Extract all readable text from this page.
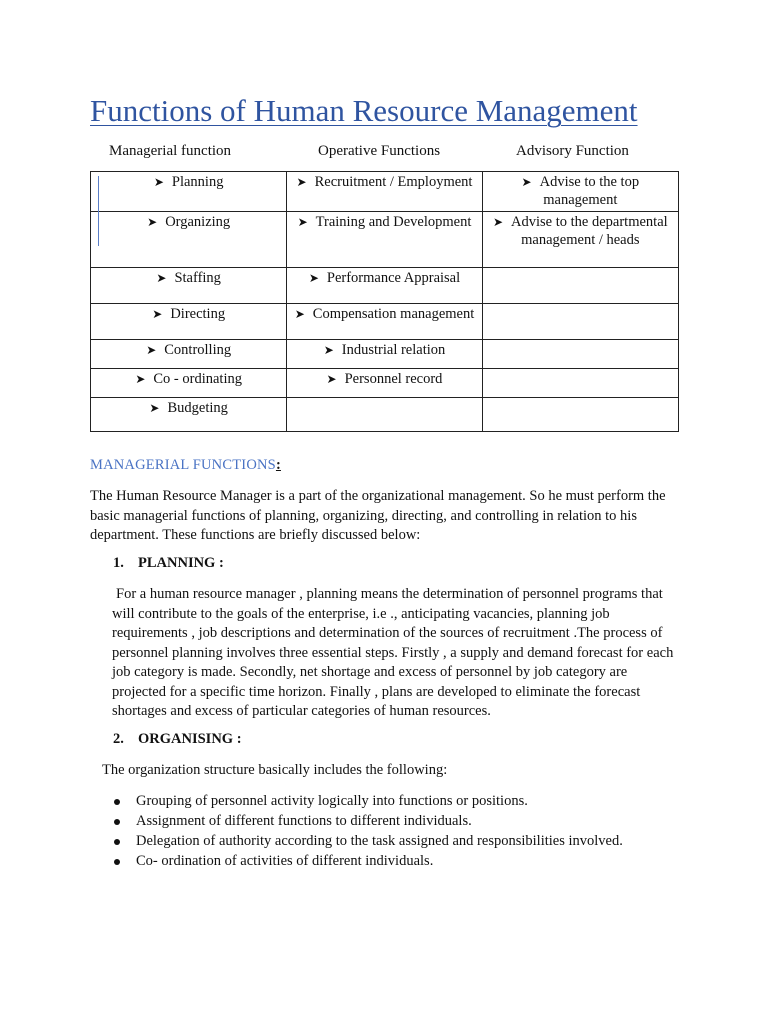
Functions of Human Resource Management
Managerial function	Operative Functions	Advisory Function
➤ Planning	➤ Recruitment / Employment	➤ Advise to the top management
➤ Organizing	➤ Training and Development	➤ Advise to the departmental management / heads
➤ Staffing	➤ Performance Appraisal	
➤ Directing	➤ Compensation management	
➤ Controlling	➤ Industrial relation	
➤ Co - ordinating	➤ Personnel record	
➤ Budgeting		
MANAGERIAL FUNCTIONS:

The Human Resource Manager is a part of the organizational management. So he must perform the basic managerial functions of planning, organizing, directing, and controlling in relation to his department. These functions are briefly discussed below:

1. PLANNING :

For a human resource manager , planning means the determination of personnel programs that will contribute to the goals of the enterprise, i.e ., anticipating vacancies, planning job requirements , job descriptions and determination of the sources of recruitment .The process of personnel planning involves three essential steps. Firstly , a supply and demand forecast for each job category is made. Secondly, net shortage and excess of personnel by job category are projected for a specific time horizon. Finally , plans are developed to eliminate the forecast shortages and excess of particular categories of human resources.

2. ORGANISING :

The organization structure basically includes the following:

Grouping of personnel activity logically into functions or positions.
Assignment of different functions to different individuals.
Delegation of authority according to the task assigned and responsibilities involved.
Co- ordination of activities of different individuals.
